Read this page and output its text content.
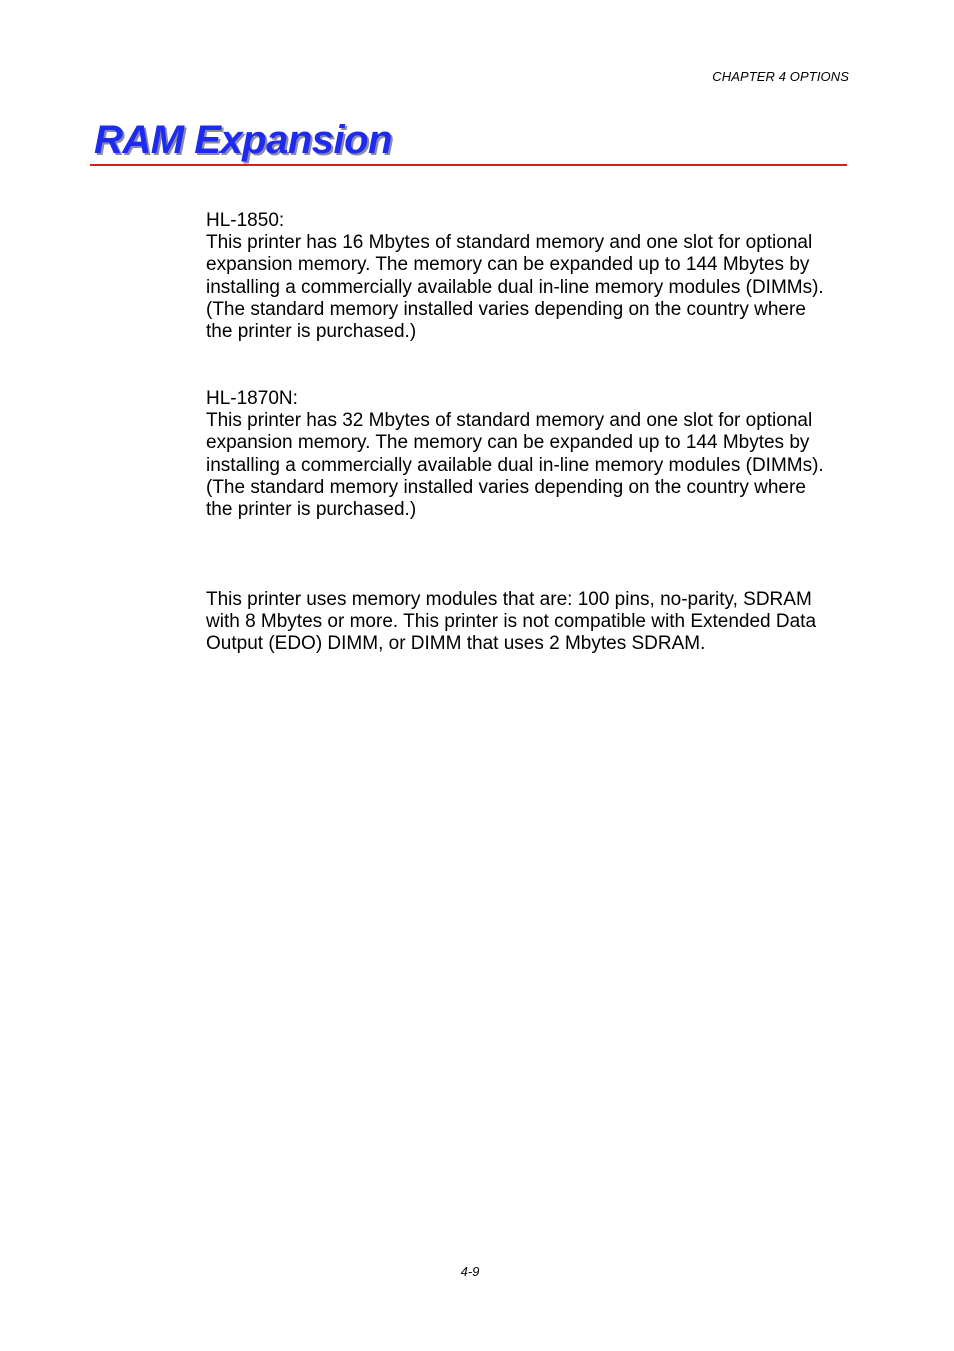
CHAPTER 4 OPTIONS
RAM Expansion

HL-1850:

This printer has 16 Mbytes of standard memory and one slot for optional

expansion memory. The memory can be expanded up to 144 Mbytes by

installing a commercially available dual in-line memory modules (DIMMs).

(The standard memory installed varies depending on the country where

the printer is purchased.)

HL-1870N:

This printer has 32 Mbytes of standard memory and one slot for optional

expansion memory. The memory can be expanded up to 144 Mbytes by

installing a commercially available dual in-line memory modules (DIMMs).

(The standard memory installed varies depending on the country where

the printer is purchased.)

This printer uses memory modules that are: 100 pins, no-parity, SDRAM

with 8 Mbytes or more. This printer is not compatible with Extended Data

Output (EDO) DIMM, or DIMM that uses 2 Mbytes SDRAM.

4-9
